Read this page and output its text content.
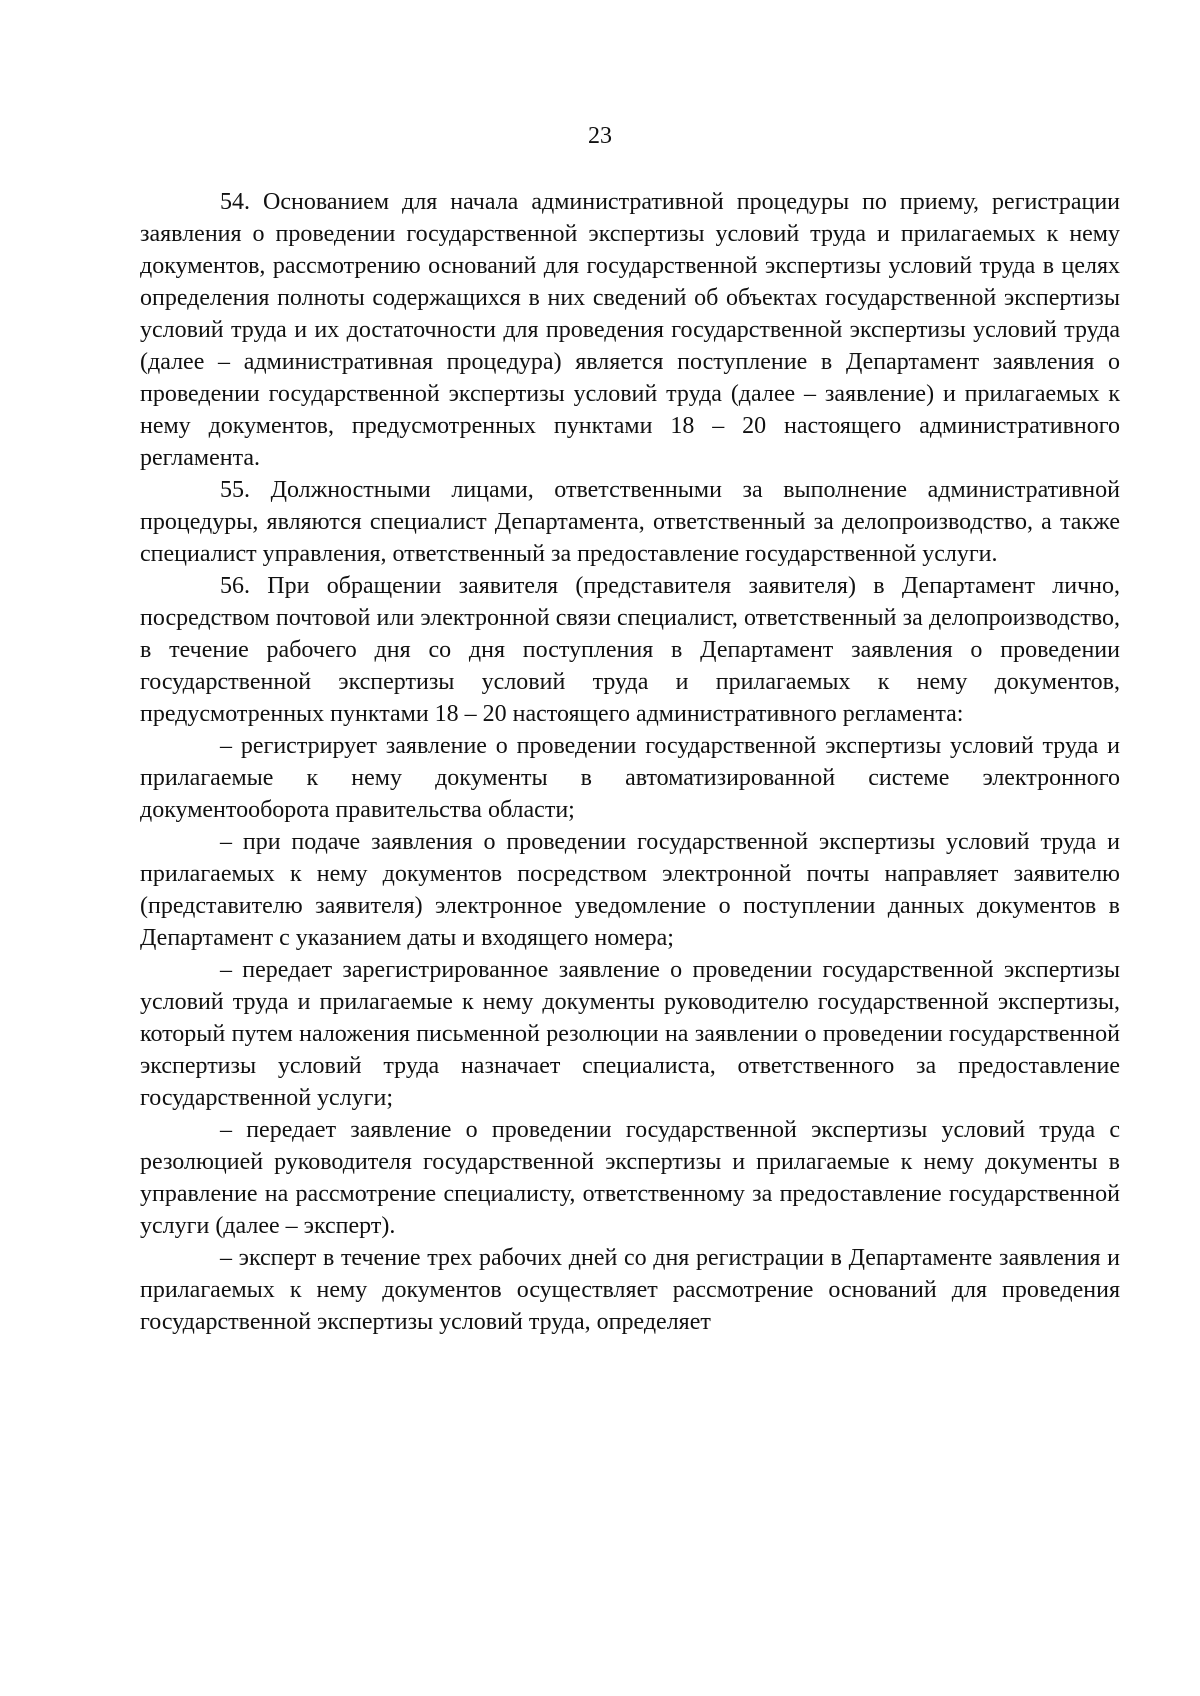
23

54. Основанием для начала административной процедуры по приему, регистрации заявления о проведении государственной экспертизы условий труда и прилагаемых к нему документов, рассмотрению оснований для государственной экспертизы условий труда в целях определения полноты содержащихся в них сведений об объектах государственной экспертизы условий труда и их достаточности для проведения государственной экспертизы условий труда (далее – административная процедура) является поступление в Департамент заявления о проведении государственной экспертизы условий труда (далее – заявление) и прилагаемых к нему документов, предусмотренных пунктами 18 – 20 настоящего административного регламента.

55. Должностными лицами, ответственными за выполнение административной процедуры, являются специалист Департамента, ответственный за делопроизводство, а также специалист управления, ответственный за предоставление государственной услуги.

56. При обращении заявителя (представителя заявителя) в Департамент лично, посредством почтовой или электронной связи специалист, ответственный за делопроизводство, в течение рабочего дня со дня поступления в Департамент заявления о проведении государственной экспертизы условий труда и прилагаемых к нему документов, предусмотренных пунктами 18 – 20 настоящего административного регламента:

– регистрирует заявление о проведении государственной экспертизы условий труда и прилагаемые к нему документы в автоматизированной системе электронного документооборота правительства области;

– при подаче заявления о проведении государственной экспертизы условий труда и прилагаемых к нему документов посредством электронной почты направляет заявителю (представителю заявителя) электронное уведомление о поступлении данных документов в Департамент с указанием даты и входящего номера;

– передает зарегистрированное заявление о проведении государственной экспертизы условий труда и прилагаемые к нему документы руководителю государственной экспертизы, который путем наложения письменной резолюции на заявлении о проведении государственной экспертизы условий труда назначает специалиста, ответственного за предоставление государственной услуги;

– передает заявление о проведении государственной экспертизы условий труда с резолюцией руководителя государственной экспертизы и прилагаемые к нему документы в управление на рассмотрение специалисту, ответственному за предоставление государственной услуги (далее – эксперт).

– эксперт в течение трех рабочих дней со дня регистрации в Департаменте заявления и прилагаемых к нему документов осуществляет рассмотрение оснований для проведения государственной экспертизы условий труда, определяет
